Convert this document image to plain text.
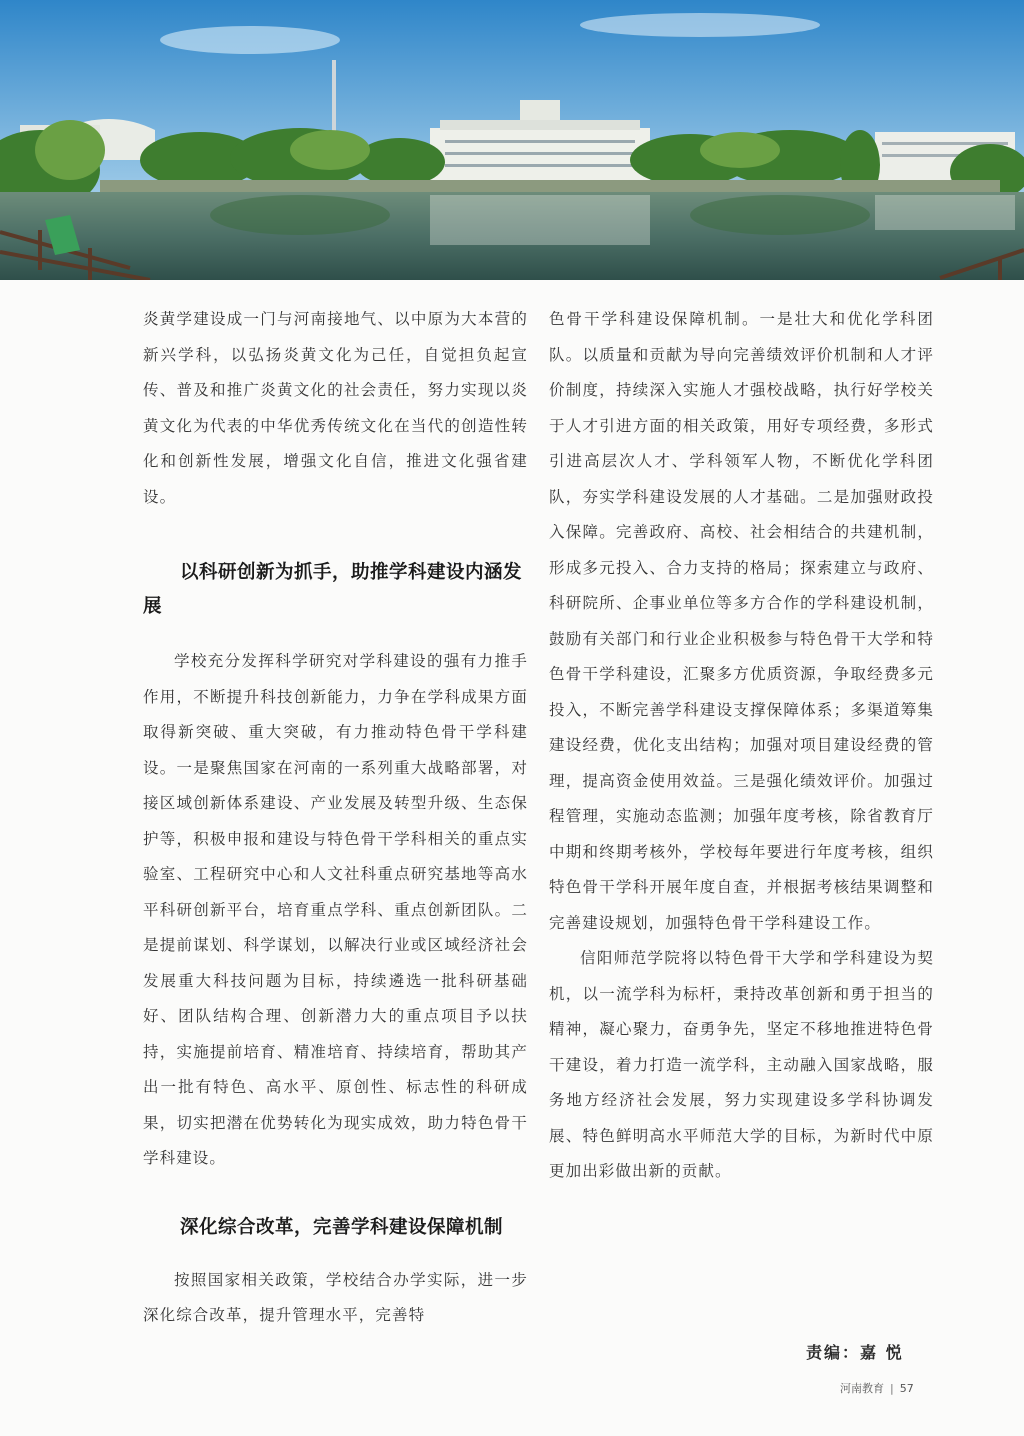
炎黄学建设成一门与河南接地气、以中原为大本营的新兴学科，以弘扬炎黄文化为己任，自觉担负起宣传、普及和推广炎黄文化的社会责任，努力实现以炎黄文化为代表的中华优秀传统文化在当代的创造性转化和创新性发展，增强文化自信，推进文化强省建设。

以科研创新为抓手，助推学科建设内涵发展

学校充分发挥科学研究对学科建设的强有力推手作用，不断提升科技创新能力，力争在学科成果方面取得新突破、重大突破，有力推动特色骨干学科建设。一是聚焦国家在河南的一系列重大战略部署，对接区域创新体系建设、产业发展及转型升级、生态保护等，积极申报和建设与特色骨干学科相关的重点实验室、工程研究中心和人文社科重点研究基地等高水平科研创新平台，培育重点学科、重点创新团队。二是提前谋划、科学谋划，以解决行业或区域经济社会发展重大科技问题为目标，持续遴选一批科研基础好、团队结构合理、创新潜力大的重点项目予以扶持，实施提前培育、精准培育、持续培育，帮助其产出一批有特色、高水平、原创性、标志性的科研成果，切实把潜在优势转化为现实成效，助力特色骨干学科建设。

深化综合改革，完善学科建设保障机制

按照国家相关政策，学校结合办学实际，进一步深化综合改革，提升管理水平，完善特

色骨干学科建设保障机制。一是壮大和优化学科团队。以质量和贡献为导向完善绩效评价机制和人才评价制度，持续深入实施人才强校战略，执行好学校关于人才引进方面的相关政策，用好专项经费，多形式引进高层次人才、学科领军人物，不断优化学科团队，夯实学科建设发展的人才基础。二是加强财政投入保障。完善政府、高校、社会相结合的共建机制，形成多元投入、合力支持的格局；探索建立与政府、科研院所、企事业单位等多方合作的学科建设机制，鼓励有关部门和行业企业积极参与特色骨干大学和特色骨干学科建设，汇聚多方优质资源，争取经费多元投入，不断完善学科建设支撑保障体系；多渠道筹集建设经费，优化支出结构；加强对项目建设经费的管理，提高资金使用效益。三是强化绩效评价。加强过程管理，实施动态监测；加强年度考核，除省教育厅中期和终期考核外，学校每年要进行年度考核，组织特色骨干学科开展年度自查，并根据考核结果调整和完善建设规划，加强特色骨干学科建设工作。

信阳师范学院将以特色骨干大学和学科建设为契机，以一流学科为标杆，秉持改革创新和勇于担当的精神，凝心聚力，奋勇争先，坚定不移地推进特色骨干建设，着力打造一流学科，主动融入国家战略，服务地方经济社会发展，努力实现建设多学科协调发展、特色鲜明高水平师范大学的目标，为新时代中原更加出彩做出新的贡献。

责编：嘉 悦
河南教育 | 57
